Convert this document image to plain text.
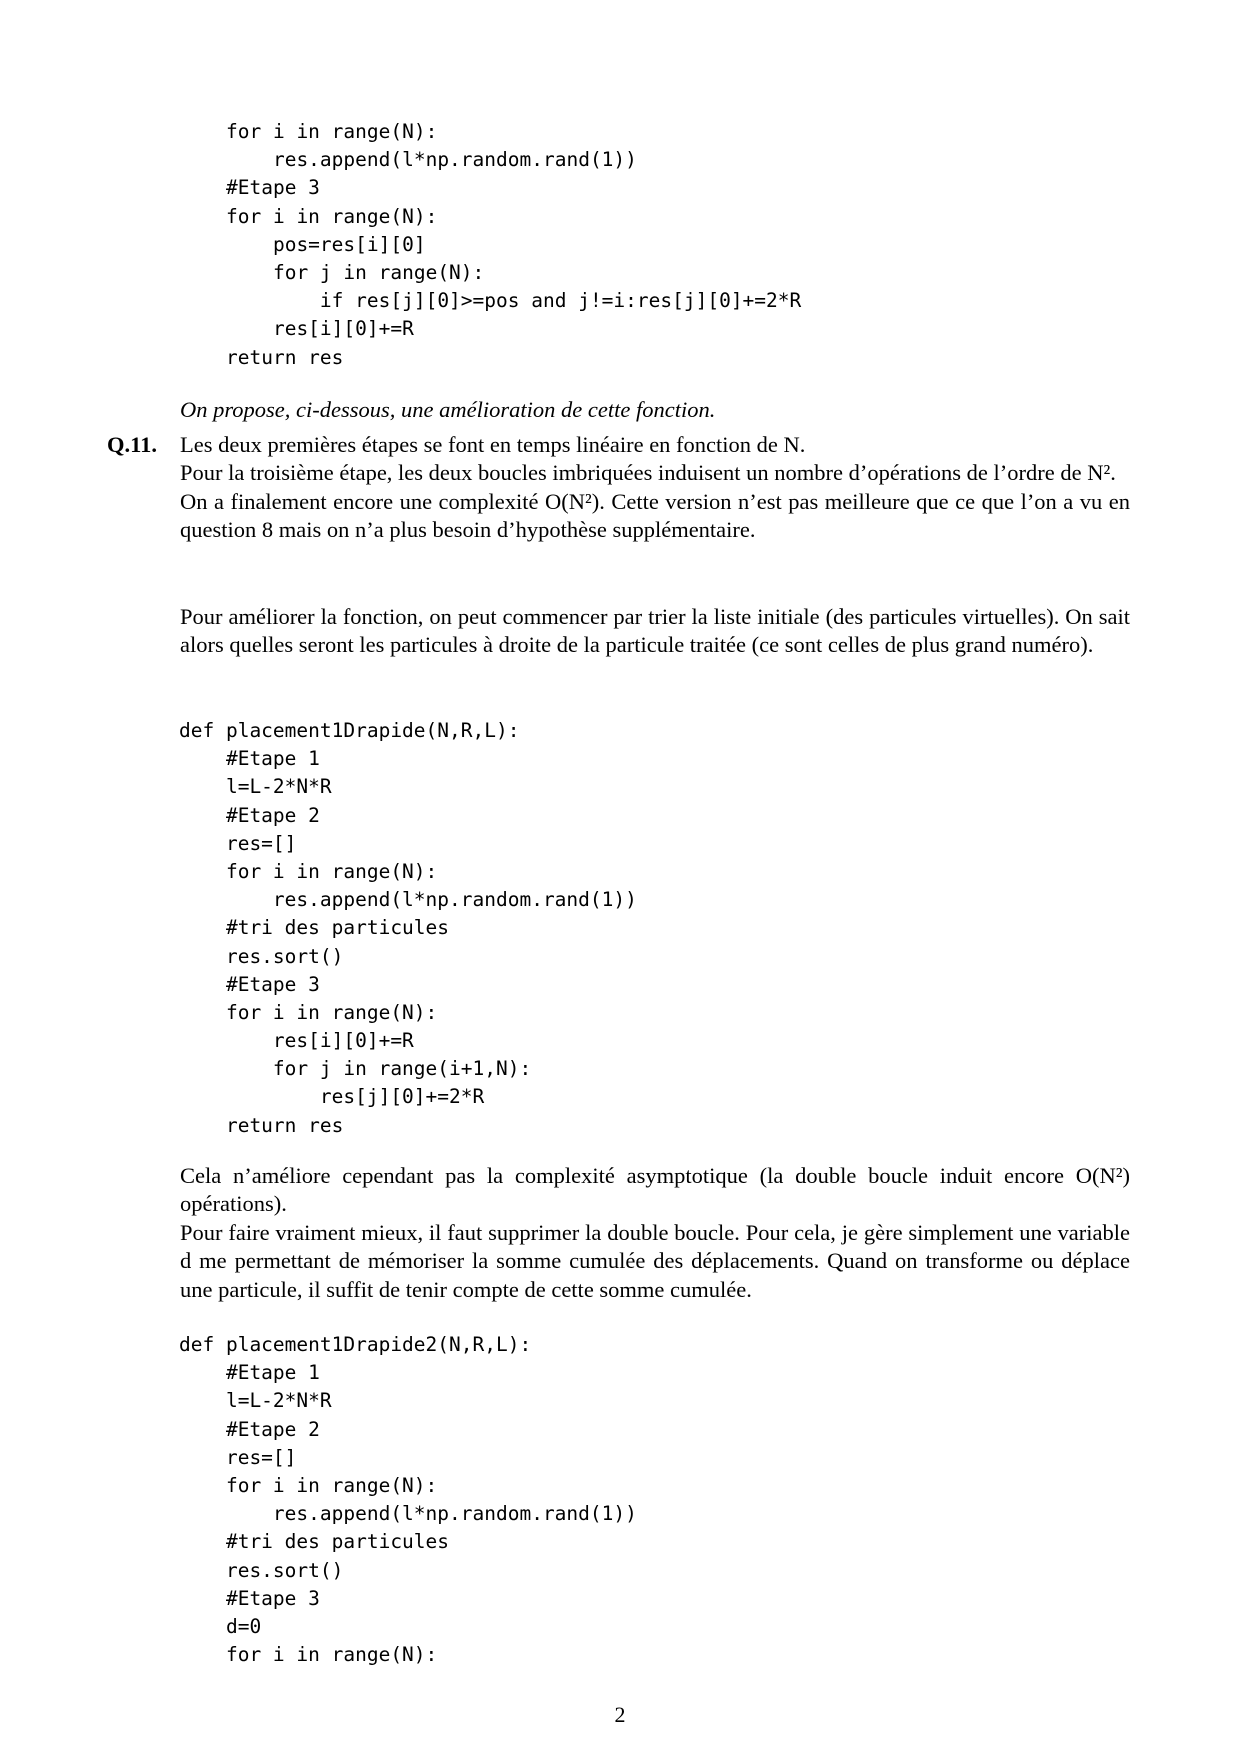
for i in range(N):
res.append(l*np.random.rand(1))
#Etape 3
for i in range(N):
pos=res[i][0]
for j in range(N):
if res[j][0]>=pos and j!=i:res[j][0]+=2*R
res[i][0]+=R
return res

On propose, ci-dessous, une amélioration de cette fonction.

Q.11. Les deux premières étapes se font en temps linéaire en fonction de N.
Pour la troisième étape, les deux boucles imbriquées induisent un nombre d’opérations de l’ordre de N².
On a finalement encore une complexité O(N²). Cette version n’est pas meilleure que ce que l’on a vu en question 8 mais on n’a plus besoin d’hypothèse supplémentaire.

Pour améliorer la fonction, on peut commencer par trier la liste initiale (des particules virtuelles). On sait alors quelles seront les particules à droite de la particule traitée (ce sont celles de plus grand numéro).

def placement1Drapide(N,R,L):
#Etape 1
l=L-2*N*R
#Etape 2
res=[]
for i in range(N):
res.append(l*np.random.rand(1))
#tri des particules
res.sort()
#Etape 3
for i in range(N):
res[i][0]+=R
for j in range(i+1,N):
res[j][0]+=2*R
return res

Cela n’améliore cependant pas la complexité asymptotique (la double boucle induit encore O(N²) opérations).

Pour faire vraiment mieux, il faut supprimer la double boucle. Pour cela, je gère simplement une variable d me permettant de mémoriser la somme cumulée des déplacements. Quand on transforme ou déplace une particule, il suffit de tenir compte de cette somme cumulée.

def placement1Drapide2(N,R,L):
#Etape 1
l=L-2*N*R
#Etape 2
res=[]
for i in range(N):
res.append(l*np.random.rand(1))
#tri des particules
res.sort()
#Etape 3
d=0
for i in range(N):
2
